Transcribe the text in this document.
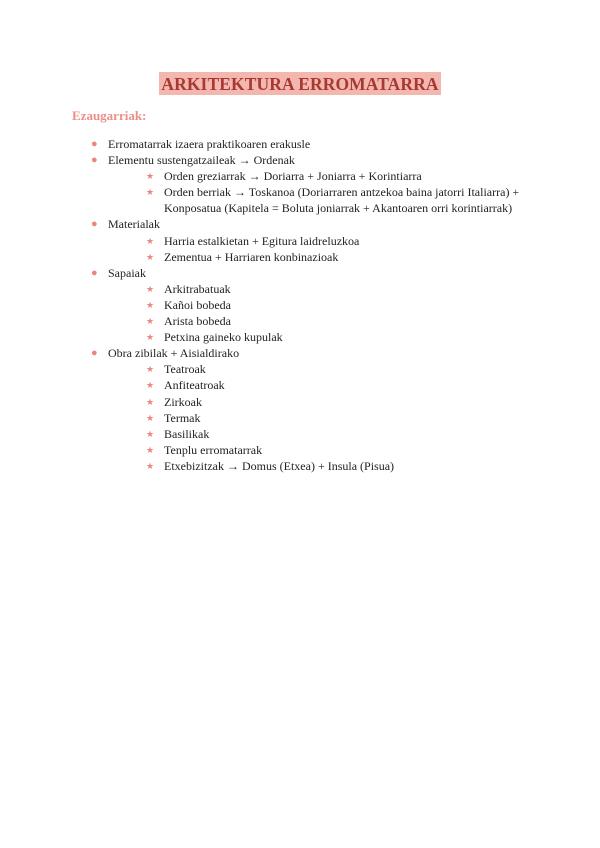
ARKITEKTURA ERROMATARRA
Ezaugarriak:
● Erromatarrak izaera praktikoaren erakusle
● Elementu sustengatzaileak → Ordenak
★ Orden greziarrak → Doriarra + Joniarra + Korintiarra
★ Orden berriak → Toskanoa (Doriarraren antzekoa baina jatorri Italiarra) + Konposatua (Kapitela = Boluta joniarrak + Akantoaren orri korintiarrak)
● Materialak
★ Harria estalkietan + Egitura laidreluzkoa
★ Zementua + Harriaren konbinazioak
● Sapaiak
★ Arkitrabatuak
★ Kañoi bobeda
★ Arista bobeda
★ Petxina gaineko kupulak
● Obra zibilak + Aisialdirako
★ Teatroak
★ Anfiteatroak
★ Zirkoak
★ Termak
★ Basilikak
★ Tenplu erromatarrak
★ Etxebizitzak → Domus (Etxea) + Insula (Pisua)
